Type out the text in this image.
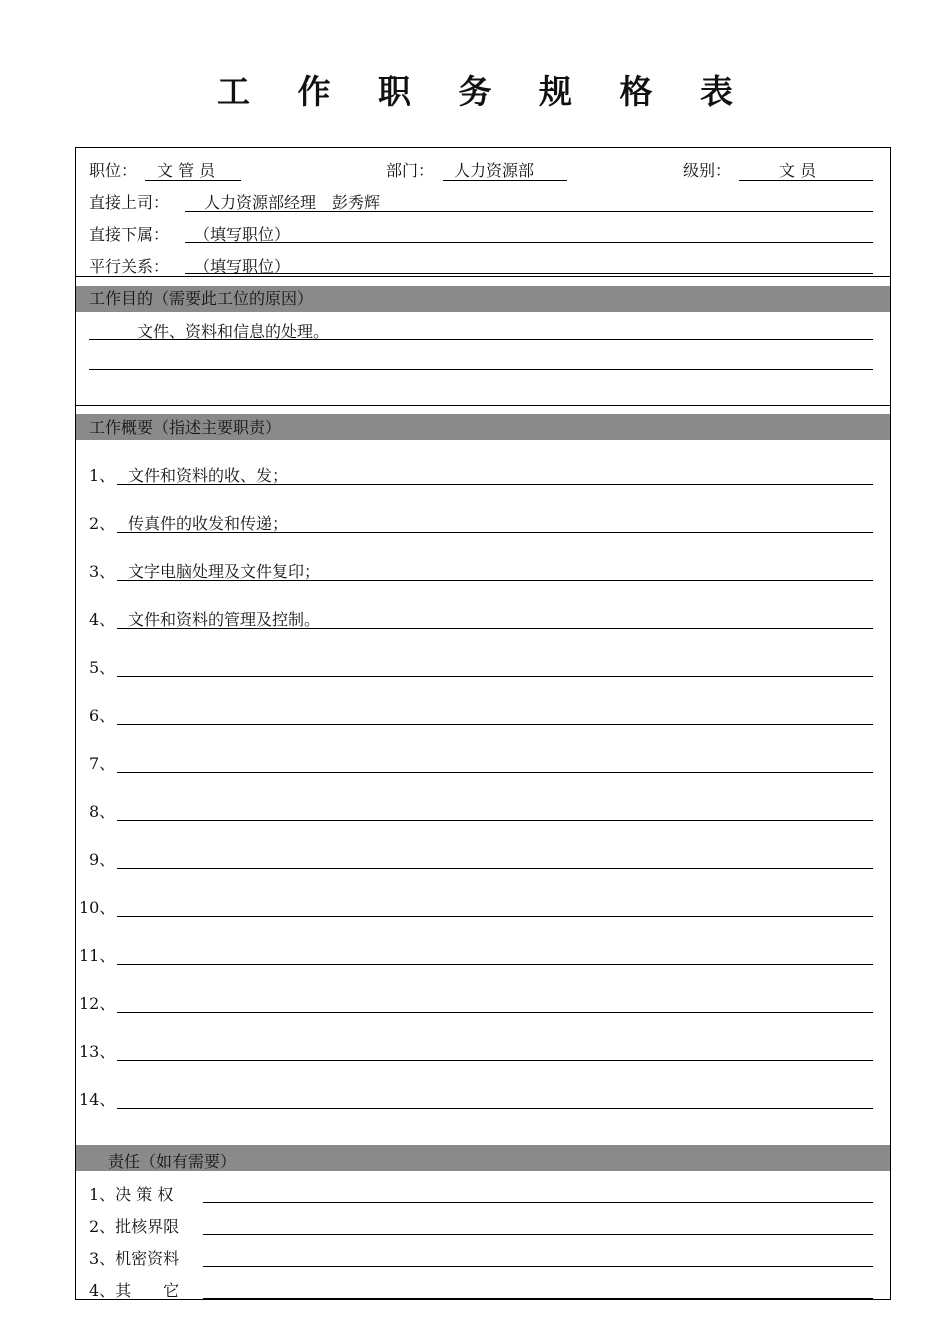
工 作 职 务 规 格 表
职位： 文 管 员	部门： 人力资源部	级别：	文 员
直接上司： 人力资源部经理　彭秀辉
直接下属： （填写职位）
平行关系： （填写职位）
工作目的（需要此工位的原因）
文件、资料和信息的处理。
工作概要（指述主要职责）
1、 文件和资料的收、发；
2、 传真件的收发和传递；
3、 文字电脑处理及文件复印；
4、 文件和资料的管理及控制。
5、
6、
7、
8、
9、
10、
11、
12、
13、
14、
责任（如有需要）
1、决 策 权
2、批核界限
3、机密资料
4、其　　它
